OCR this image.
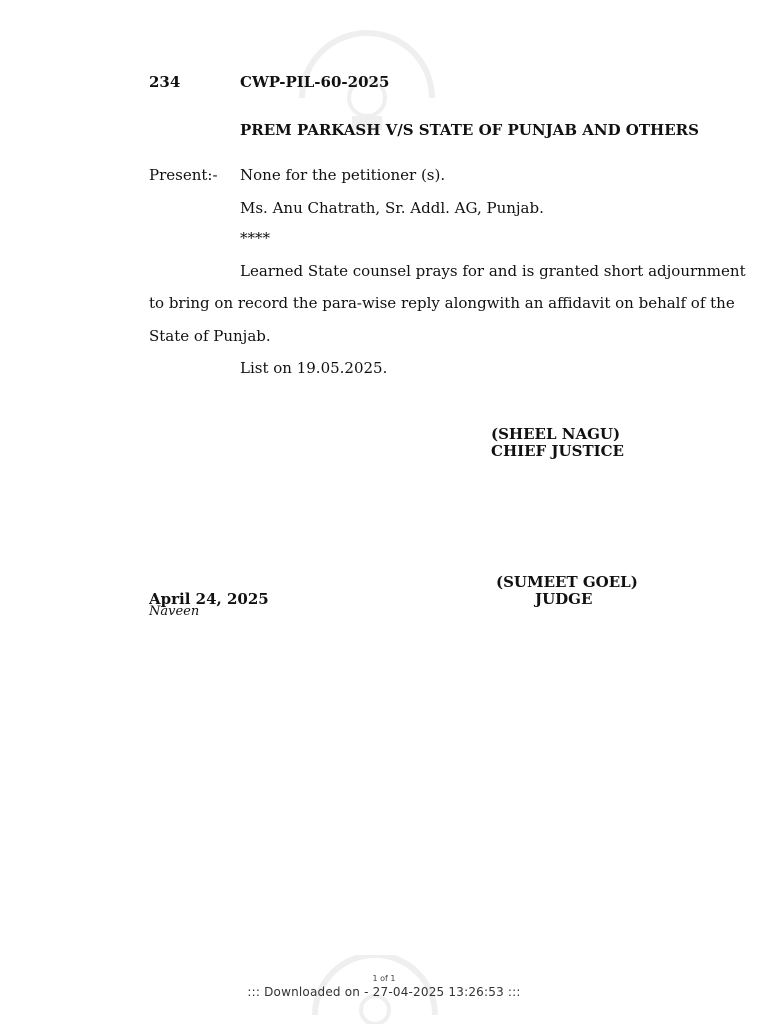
234	CWP-PIL-60-2025
PREM PARKASH V/S STATE OF PUNJAB AND OTHERS
Present:- None for the petitioner (s).
Ms. Anu Chatrath, Sr. Addl. AG, Punjab.
****
Learned State counsel prays for and is granted short adjournment
to bring on record the para-wise reply alongwith an affidavit on behalf of the
State of Punjab.
List on 19.05.2025.
(SHEEL NAGU)
CHIEF JUSTICE
(SUMEET GOEL)
JUDGE
April 24, 2025
Naveen
1 of 1
::: Downloaded on - 27-04-2025 13:26:53 :::
